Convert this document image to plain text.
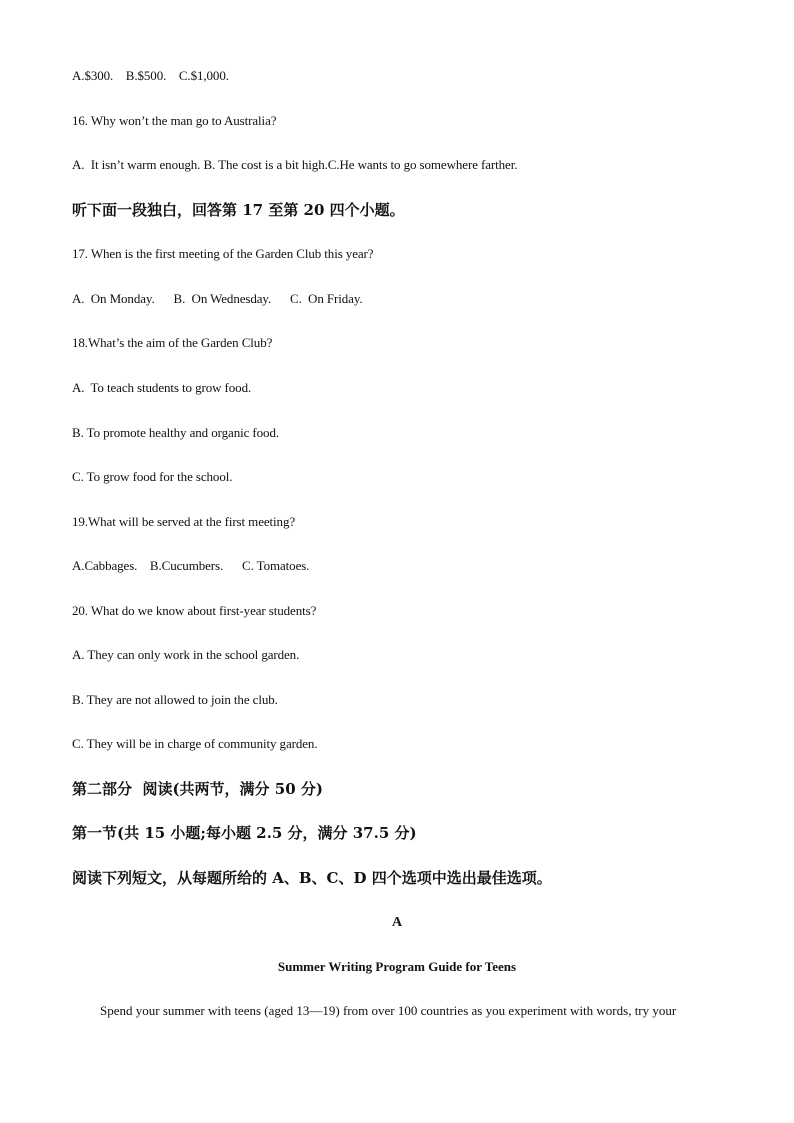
A.$300.    B.$500.    C.$1,000.
16. Why won’t the man go to Australia?
A.  It isn’t warm enough. B. The cost is a bit high.C.He wants to go somewhere farther.
听下面一段独白，回答第 17 至第 20 四个小题。
17. When is the first meeting of the Garden Club this year?
A.  On Monday.      B.  On Wednesday.      C.  On Friday.
18.What’s the aim of the Garden Club?
A.  To teach students to grow food.
B. To promote healthy and organic food.
C. To grow food for the school.
19.What will be served at the first meeting?
A.Cabbages.    B.Cucumbers.      C. Tomatoes.
20. What do we know about first-year students?
A. They can only work in the school garden.
B. They are not allowed to join the club.
C. They will be in charge of community garden.
第二部分  阅读(共两节，满分 50 分)
第一节(共 15 小题;每小题 2.5 分，满分 37.5 分)
阅读下列短文，从每题所给的 A、B、C、D 四个选项中选出最佳选项。
A
Summer Writing Program Guide for Teens
Spend your summer with teens (aged 13—19) from over 100 countries as you experiment with words, try your
